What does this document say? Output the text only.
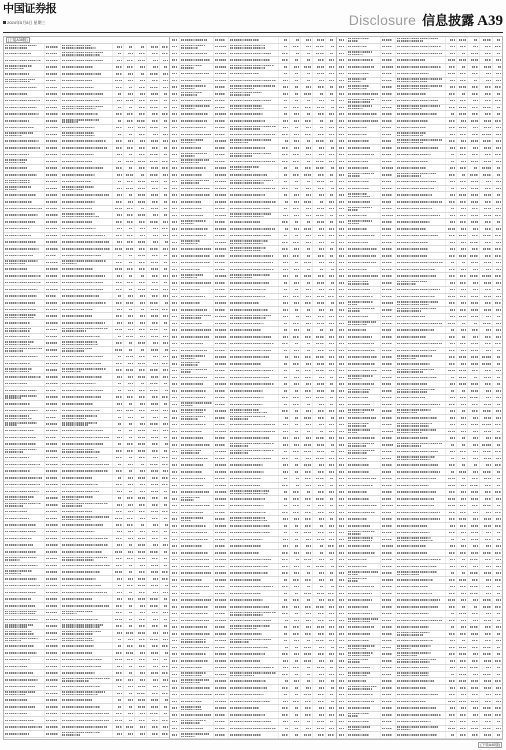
中国证券报
2024年5月8日 星期三	Disclosure 信息披露 A39
(上接A38版)
(下转A40版)
